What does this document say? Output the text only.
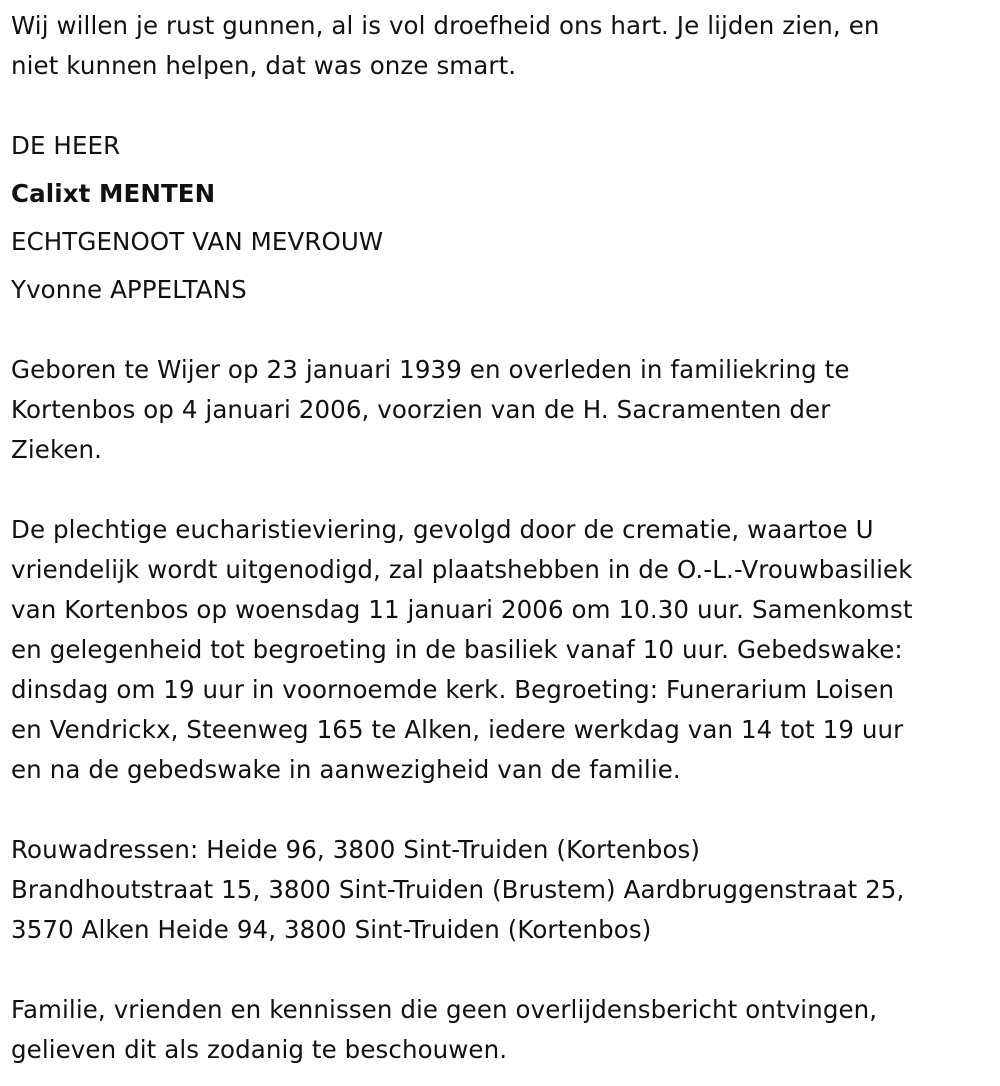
Wij willen je rust gunnen, al is vol droefheid ons hart. Je lijden zien, en
niet kunnen helpen, dat was onze smart.

DE HEER
Calixt MENTEN
ECHTGENOOT VAN MEVROUW
Yvonne APPELTANS

Geboren te Wijer op 23 januari 1939 en overleden in familiekring te
Kortenbos op 4 januari 2006, voorzien van de H. Sacramenten der
Zieken.

De plechtige eucharistieviering, gevolgd door de crematie, waartoe U
vriendelijk wordt uitgenodigd, zal plaatshebben in de O.-L.-Vrouwbasiliek
van Kortenbos op woensdag 11 januari 2006 om 10.30 uur. Samenkomst
en gelegenheid tot begroeting in de basiliek vanaf 10 uur. Gebedswake:
dinsdag om 19 uur in voornoemde kerk. Begroeting: Funerarium Loisen
en Vendrickx, Steenweg 165 te Alken, iedere werkdag van 14 tot 19 uur
en na de gebedswake in aanwezigheid van de familie.

Rouwadressen: Heide 96, 3800 Sint-Truiden (Kortenbos)
Brandhoutstraat 15, 3800 Sint-Truiden (Brustem) Aardbruggenstraat 25,
3570 Alken Heide 94, 3800 Sint-Truiden (Kortenbos)

Familie, vrienden en kennissen die geen overlijdensbericht ontvingen,
gelieven dit als zodanig te beschouwen.
